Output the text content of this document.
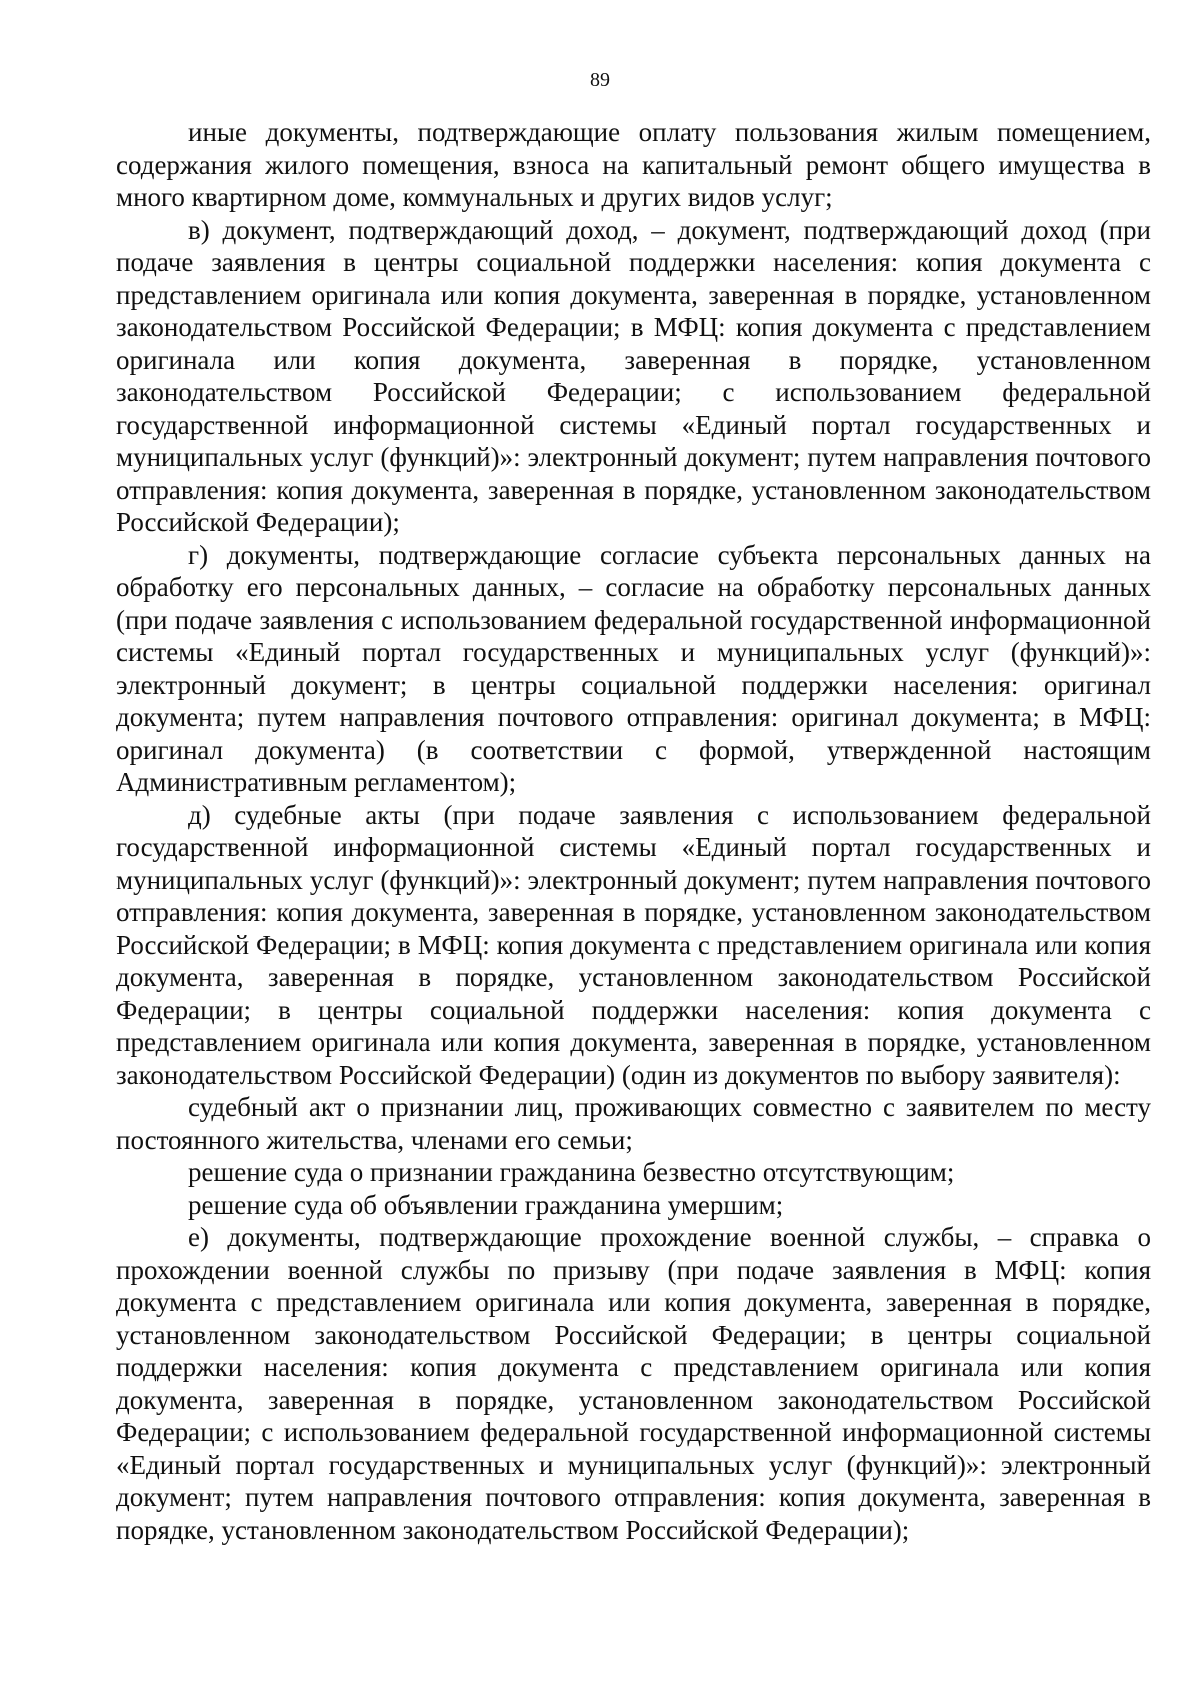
89

иные документы, подтверждающие оплату пользования жилым помещением, содержания жилого помещения, взноса на капитальный ремонт общего имущества в много квартирном доме, коммунальных и других видов услуг;

в) документ, подтверждающий доход, – документ, подтверждающий доход (при подаче заявления в центры социальной поддержки населения: копия документа с представлением оригинала или копия документа, заверенная в порядке, установленном законодательством Российской Федерации; в МФЦ: копия документа с представлением оригинала или копия документа, заверенная в порядке, установленном законодательством Российской Федерации; с использованием федеральной государственной информационной системы «Единый портал государственных и муниципальных услуг (функций)»: электронный документ; путем направления почтового отправления: копия документа, заверенная в порядке, установленном законодательством Российской Федерации);

г) документы, подтверждающие согласие субъекта персональных данных на обработку его персональных данных, – согласие на обработку персональных данных (при подаче заявления с использованием федеральной государственной информационной системы «Единый портал государственных и муниципальных услуг (функций)»: электронный документ; в центры социальной поддержки населения: оригинал документа; путем направления почтового отправления: оригинал документа; в МФЦ: оригинал документа) (в соответствии с формой, утвержденной настоящим Административным регламентом);

д) судебные акты (при подаче заявления с использованием федеральной государственной информационной системы «Единый портал государственных и муниципальных услуг (функций)»: электронный документ; путем направления почтового отправления: копия документа, заверенная в порядке, установленном законодательством Российской Федерации; в МФЦ: копия документа с представлением оригинала или копия документа, заверенная в порядке, установленном законодательством Российской Федерации; в центры социальной поддержки населения: копия документа с представлением оригинала или копия документа, заверенная в порядке, установленном законодательством Российской Федерации) (один из документов по выбору заявителя):

судебный акт о признании лиц, проживающих совместно с заявителем по месту постоянного жительства, членами его семьи;

решение суда о признании гражданина безвестно отсутствующим;

решение суда об объявлении гражданина умершим;

е) документы, подтверждающие прохождение военной службы, – справка о прохождении военной службы по призыву (при подаче заявления в МФЦ: копия документа с представлением оригинала или копия документа, заверенная в порядке, установленном законодательством Российской Федерации; в центры социальной поддержки населения: копия документа с представлением оригинала или копия документа, заверенная в порядке, установленном законодательством Российской Федерации; с использованием федеральной государственной информационной системы «Единый портал государственных и муниципальных услуг (функций)»: электронный документ; путем направления почтового отправления: копия документа, заверенная в порядке, установленном законодательством Российской Федерации);
